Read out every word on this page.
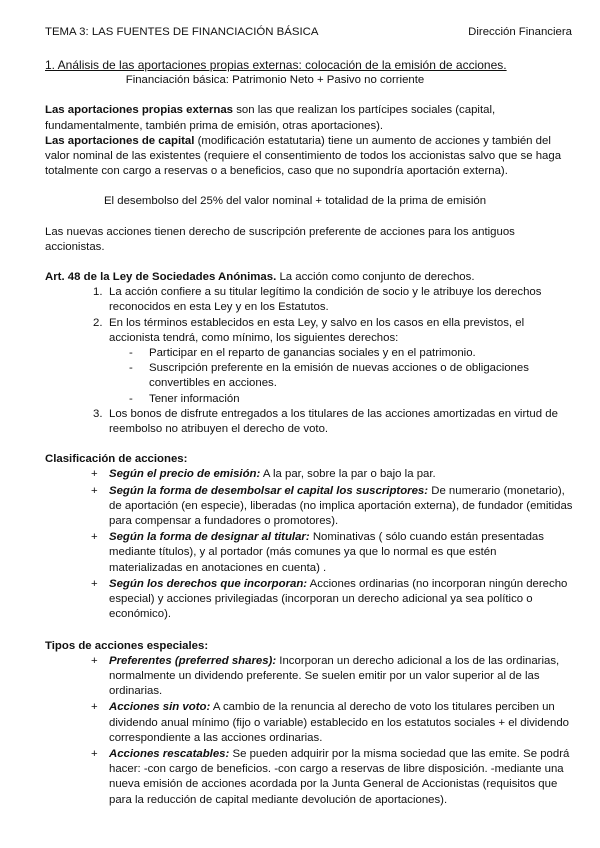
TEMA 3: LAS FUENTES DE FINANCIACIÓN BÁSICA	Dirección Financiera

1. Análisis de las aportaciones propias externas: colocación de la emisión de acciones.

Financiación básica: Patrimonio Neto + Pasivo no corriente

Las aportaciones propias externas son las que realizan los partícipes sociales (capital, fundamentalmente, también prima de emisión, otras aportaciones).

Las aportaciones de capital (modificación estatutaria) tiene un aumento de acciones y también del valor nominal de las existentes (requiere el consentimiento de todos los accionistas salvo que se haga totalmente con cargo a reservas o a beneficios, caso que no supondría aportación externa).

El desembolso del 25% del valor nominal + totalidad de la prima de emisión

Las nuevas acciones tienen derecho de suscripción preferente de acciones para los antiguos accionistas.

Art. 48 de la Ley de Sociedades Anónimas. La acción como conjunto de derechos.

1. La acción confiere a su titular legítimo la condición de socio y le atribuye los derechos reconocidos en esta Ley y en los Estatutos.
2. En los términos establecidos en esta Ley, y salvo en los casos en ella previstos, el accionista tendrá, como mínimo, los siguientes derechos:
- Participar en el reparto de ganancias sociales y en el patrimonio.
- Suscripción preferente en la emisión de nuevas acciones o de obligaciones convertibles en acciones.
- Tener información
3. Los bonos de disfrute entregados a los titulares de las acciones amortizadas en virtud de reembolso no atribuyen el derecho de voto.

Clasificación de acciones:

+ Según el precio de emisión: A la par, sobre la par o bajo la par.
+ Según la forma de desembolsar el capital los suscriptores: De numerario (monetario), de aportación (en especie), liberadas (no implica aportación externa), de fundador (emitidas para compensar a fundadores o promotores).
+ Según la forma de designar al titular: Nominativas ( sólo cuando están presentadas mediante títulos), y al portador (más comunes ya que lo normal es que estén materializadas en anotaciones en cuenta) .
+ Según los derechos que incorporan: Acciones ordinarias (no incorporan ningún derecho especial) y acciones privilegiadas (incorporan un derecho adicional ya sea político o económico).

Tipos de acciones especiales:

+ Preferentes (preferred shares): Incorporan un derecho adicional a los de las ordinarias, normalmente un dividendo preferente. Se suelen emitir por un valor superior al de las ordinarias.
+ Acciones sin voto: A cambio de la renuncia al derecho de voto los titulares perciben un dividendo anual mínimo (fijo o variable) establecido en los estatutos sociales + el dividendo correspondiente a las acciones ordinarias.
+ Acciones rescatables: Se pueden adquirir por la misma sociedad que las emite. Se podrá hacer: -con cargo de beneficios. -con cargo a reservas de libre disposición. -mediante una nueva emisión de acciones acordada por la Junta General de Accionistas (requisitos que para la reducción de capital mediante devolución de aportaciones).
